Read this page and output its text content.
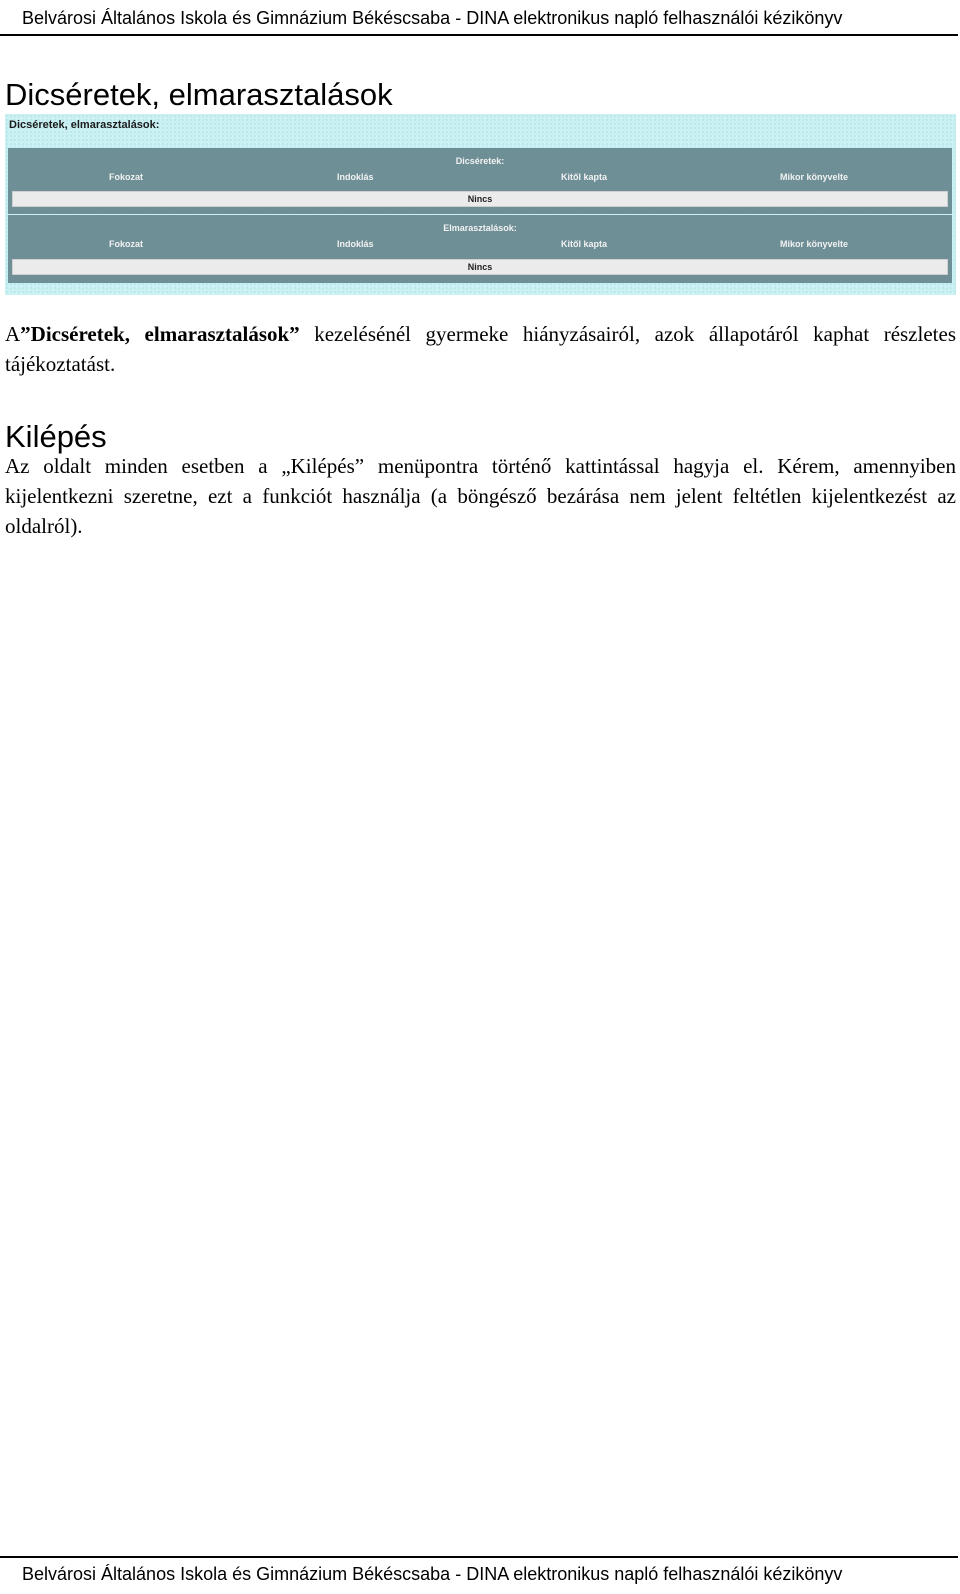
Belvárosi Általános Iskola és Gimnázium Békéscsaba - DINA elektronikus napló felhasználói kézikönyv
Dicséretek, elmarasztalások
Dicséretek, elmarasztalások:
Dicséretek:
Fokozat	Indoklás	Kitől kapta	Mikor könyvelte
Nincs
Elmarasztalások:
Fokozat	Indoklás	Kitől kapta	Mikor könyvelte
Nincs

A”Dicséretek, elmarasztalások” kezelésénél gyermeke hiányzásairól, azok állapotáról kaphat részletes tájékoztatást.

Kilépés

Az oldalt minden esetben a „Kilépés” menüpontra történő kattintással hagyja el. Kérem, amennyiben kijelentkezni szeretne, ezt a funkciót használja (a böngésző bezárása nem jelent feltétlen kijelentkezést az oldalról).

Belvárosi Általános Iskola és Gimnázium Békéscsaba - DINA elektronikus napló felhasználói kézikönyv
